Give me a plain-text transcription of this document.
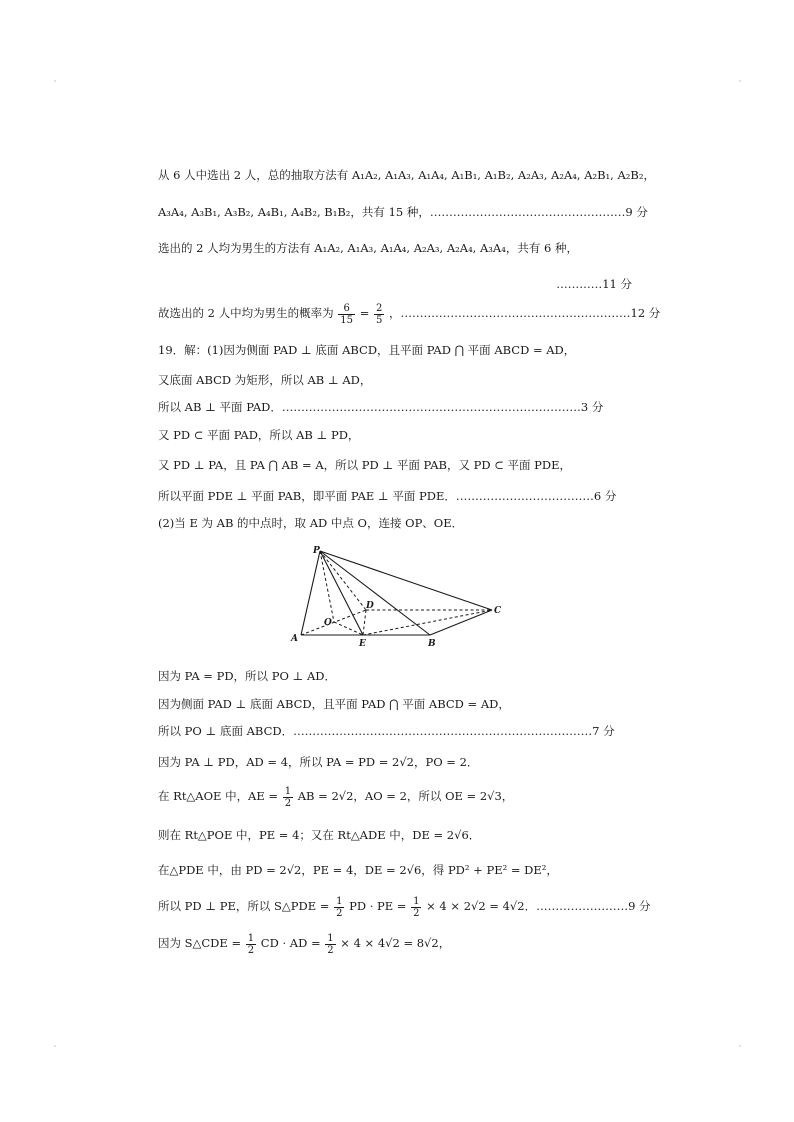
从 6 人中选出 2 人，总的抽取方法有 A₁A₂, A₁A₃, A₁A₄, A₁B₁, A₁B₂, A₂A₃, A₂A₄, A₂B₁, A₂B₂，
A₃A₄, A₃B₁, A₃B₂, A₄B₁, A₄B₂, B₁B₂，共有 15 种，……………………………………………9 分
选出的 2 人均为男生的方法有 A₁A₂, A₁A₃, A₁A₄, A₂A₃, A₂A₄, A₃A₄，共有 6 种，
…………11 分
故选出的 2 人中均为男生的概率为 $\frac{6}{15} = \frac{2}{5}$ ，……………………………………………………12 分
19．解：(1)因为侧面 PAD ⊥ 底面 ABCD，且平面 PAD ⋂ 平面 ABCD = AD，
又底面 ABCD 为矩形，所以 AB ⊥ AD，
所以 AB ⊥ 平面 PAD．……………………………………………………………………3 分
又 PD ⊂ 平面 PAD，所以 AB ⊥ PD，
又 PD ⊥ PA，且 PA ⋂ AB = A，所以 PD ⊥ 平面 PAB，又 PD ⊂ 平面 PDE，
所以平面 PDE ⊥ 平面 PAB，即平面 PAE ⊥ 平面 PDE．………………………………6 分
(2)当 E 为 AB 的中点时，取 AD 中点 O，连接 OP、OE．
P
A	B
C
D
E
O
因为 PA = PD，所以 PO ⊥ AD．
因为侧面 PAD ⊥ 底面 ABCD，且平面 PAD ⋂ 平面 ABCD = AD，
所以 PO ⊥ 底面 ABCD．……………………………………………………………………7 分
因为 PA ⊥ PD，AD = 4，所以 PA = PD = 2√2，PO = 2．
在 Rt△AOE 中，AE = $\frac{1}{2}$ AB = 2√2，AO = 2，所以 OE = 2√3，
则在 Rt△POE 中，PE = 4；又在 Rt△ADE 中，DE = 2√6．
在△PDE 中，由 PD = 2√2，PE = 4，DE = 2√6，得 PD² + PE² = DE²，
所以 PD ⊥ PE，所以 S△PDE = $\frac{1}{2}$ PD · PE = $\frac{1}{2} \times 4 \times 2√2 = 4√2$．……………………9 分
因为 S△CDE = $\frac{1}{2}$ CD · AD = $\frac{1}{2} \times 4 \times 4√2 = 8√2$，
